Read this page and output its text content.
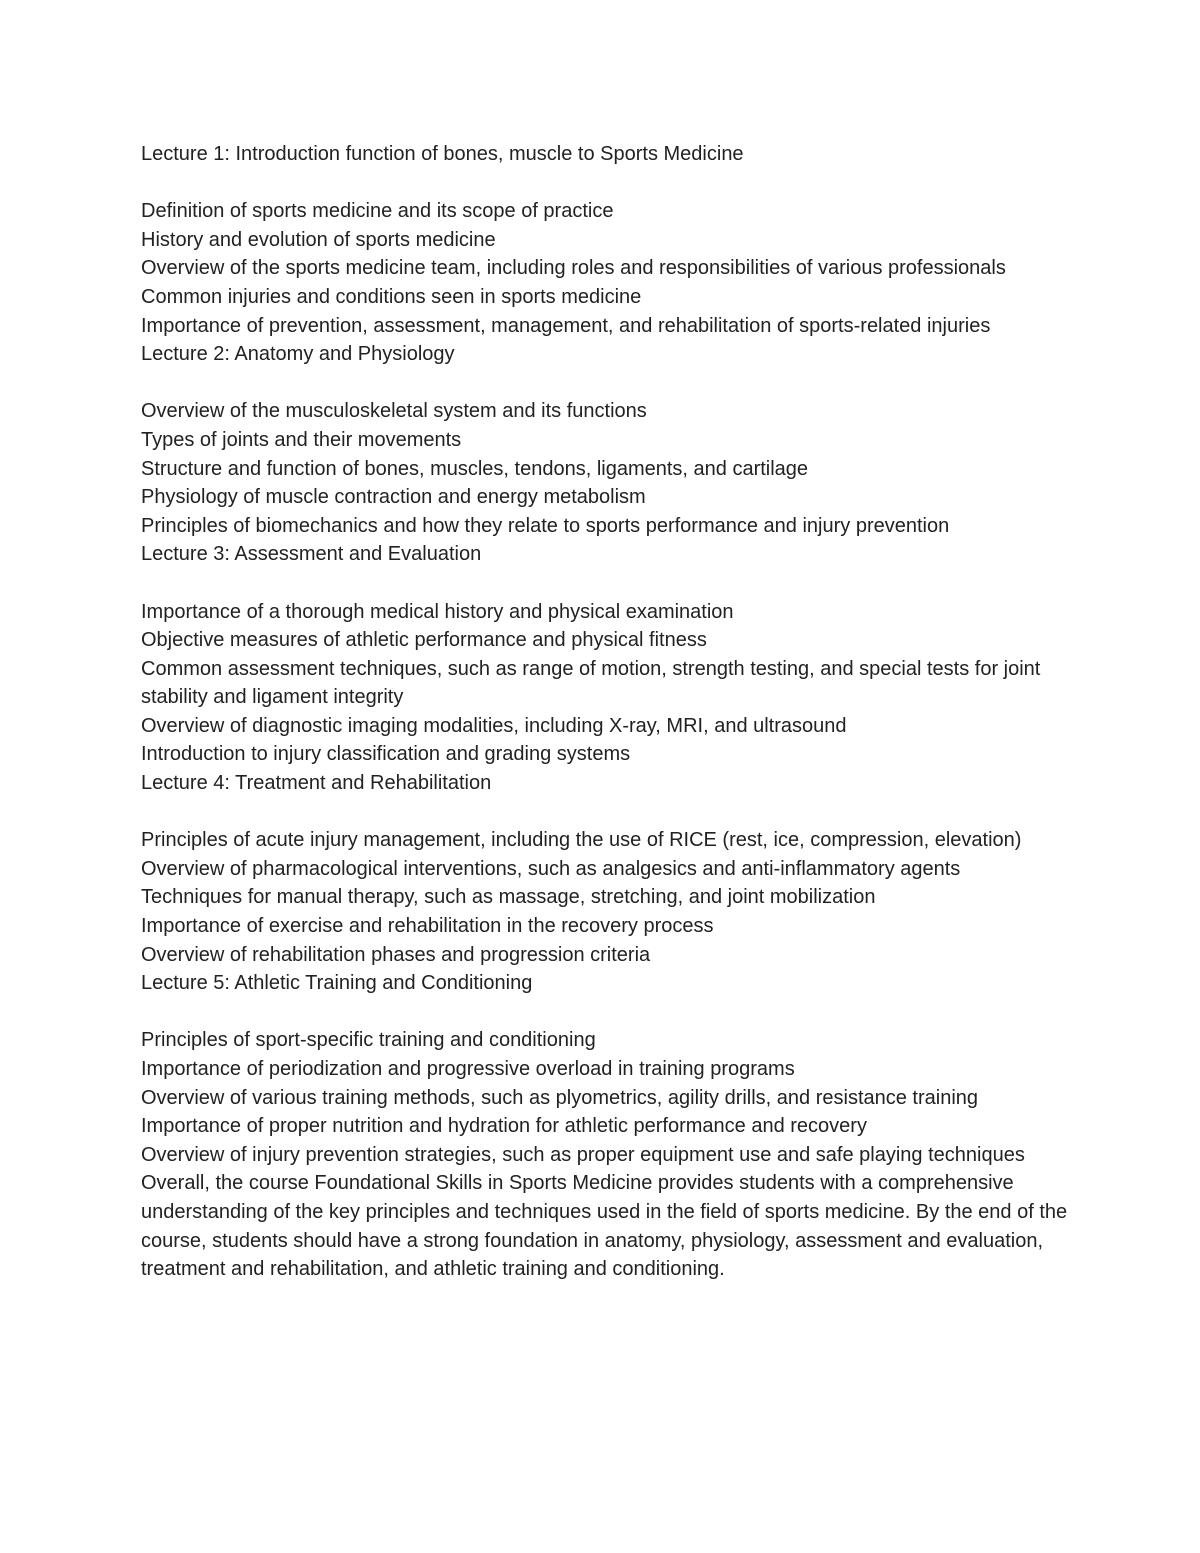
Lecture 1: Introduction function of bones, muscle to Sports Medicine

Definition of sports medicine and its scope of practice

History and evolution of sports medicine

Overview of the sports medicine team, including roles and responsibilities of various professionals

Common injuries and conditions seen in sports medicine

Importance of prevention, assessment, management, and rehabilitation of sports-related injuries

Lecture 2: Anatomy and Physiology

Overview of the musculoskeletal system and its functions

Types of joints and their movements

Structure and function of bones, muscles, tendons, ligaments, and cartilage

Physiology of muscle contraction and energy metabolism

Principles of biomechanics and how they relate to sports performance and injury prevention

Lecture 3: Assessment and Evaluation

Importance of a thorough medical history and physical examination

Objective measures of athletic performance and physical fitness

Common assessment techniques, such as range of motion, strength testing, and special tests for joint stability and ligament integrity

Overview of diagnostic imaging modalities, including X-ray, MRI, and ultrasound

Introduction to injury classification and grading systems

Lecture 4: Treatment and Rehabilitation

Principles of acute injury management, including the use of RICE (rest, ice, compression, elevation)

Overview of pharmacological interventions, such as analgesics and anti-inflammatory agents

Techniques for manual therapy, such as massage, stretching, and joint mobilization

Importance of exercise and rehabilitation in the recovery process

Overview of rehabilitation phases and progression criteria

Lecture 5: Athletic Training and Conditioning

Principles of sport-specific training and conditioning

Importance of periodization and progressive overload in training programs

Overview of various training methods, such as plyometrics, agility drills, and resistance training

Importance of proper nutrition and hydration for athletic performance and recovery

Overview of injury prevention strategies, such as proper equipment use and safe playing techniques

Overall, the course Foundational Skills in Sports Medicine provides students with a comprehensive understanding of the key principles and techniques used in the field of sports medicine. By the end of the course, students should have a strong foundation in anatomy, physiology, assessment and evaluation, treatment and rehabilitation, and athletic training and conditioning.
